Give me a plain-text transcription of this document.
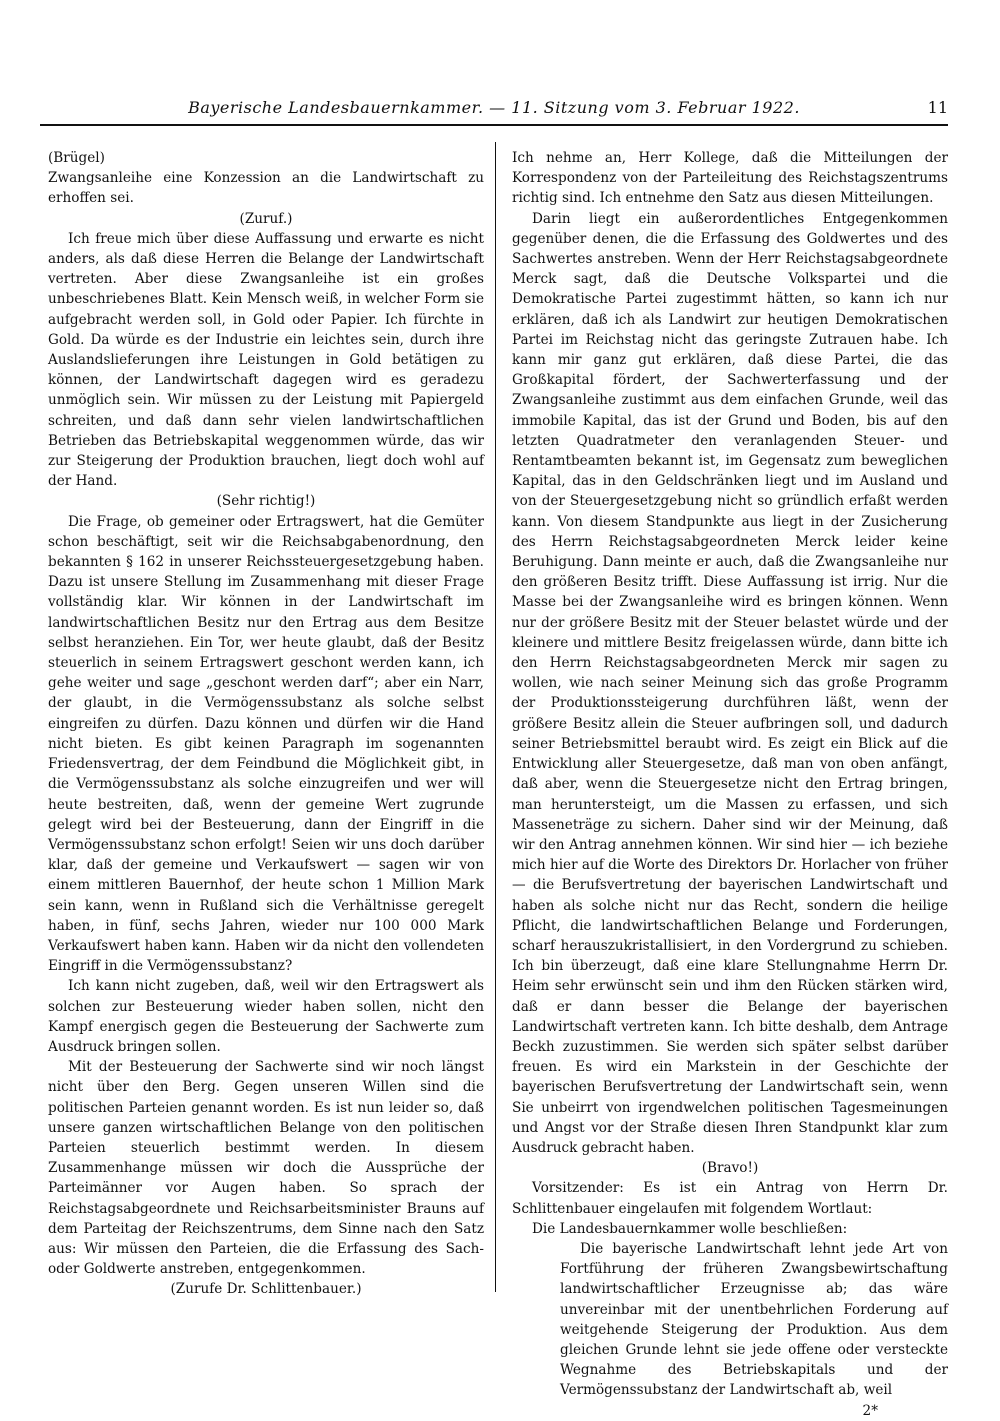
Bayerische Landesbauernkammer. — 11. Sitzung vom 3. Februar 1922.	11

(Brügel)

Zwangsanleihe eine Konzession an die Landwirtschaft zu erhoffen sei.

(Zuruf.)

Ich freue mich über diese Auffassung und erwarte es nicht anders, als daß diese Herren die Belange der Landwirtschaft vertreten. Aber diese Zwangsanleihe ist ein großes unbeschriebenes Blatt. Kein Mensch weiß, in welcher Form sie aufgebracht werden soll, in Gold oder Papier. Ich fürchte in Gold. Da würde es der Industrie ein leichtes sein, durch ihre Auslandslieferungen ihre Leistungen in Gold betätigen zu können, der Landwirtschaft dagegen wird es geradezu unmöglich sein. Wir müssen zu der Leistung mit Papiergeld schreiten, und daß dann sehr vielen landwirtschaftlichen Betrieben das Betriebskapital weggenommen würde, das wir zur Steigerung der Produktion brauchen, liegt doch wohl auf der Hand.

(Sehr richtig!)

Die Frage, ob gemeiner oder Ertragswert, hat die Gemüter schon beschäftigt, seit wir die Reichsabgabenordnung, den bekannten § 162 in unserer Reichssteuergesetzgebung haben. Dazu ist unsere Stellung im Zusammenhang mit dieser Frage vollständig klar. Wir können in der Landwirtschaft im landwirtschaftlichen Besitz nur den Ertrag aus dem Besitze selbst heranziehen. Ein Tor, wer heute glaubt, daß der Besitz steuerlich in seinem Ertragswert geschont werden kann, ich gehe weiter und sage „geschont werden darf“; aber ein Narr, der glaubt, in die Vermögenssubstanz als solche selbst eingreifen zu dürfen. Dazu können und dürfen wir die Hand nicht bieten. Es gibt keinen Paragraph im sogenannten Friedensvertrag, der dem Feindbund die Möglichkeit gibt, in die Vermögenssubstanz als solche einzugreifen und wer will heute bestreiten, daß, wenn der gemeine Wert zugrunde gelegt wird bei der Besteuerung, dann der Eingriff in die Vermögenssubstanz schon erfolgt! Seien wir uns doch darüber klar, daß der gemeine und Verkaufswert — sagen wir von einem mittleren Bauernhof, der heute schon 1 Million Mark sein kann, wenn in Rußland sich die Verhältnisse geregelt haben, in fünf, sechs Jahren, wieder nur 100 000 Mark Verkaufswert haben kann. Haben wir da nicht den vollendeten Eingriff in die Vermögenssubstanz?

Ich kann nicht zugeben, daß, weil wir den Ertragswert als solchen zur Besteuerung wieder haben sollen, nicht den Kampf energisch gegen die Besteuerung der Sachwerte zum Ausdruck bringen sollen.

Mit der Besteuerung der Sachwerte sind wir noch längst nicht über den Berg. Gegen unseren Willen sind die politischen Parteien genannt worden. Es ist nun leider so, daß unsere ganzen wirtschaftlichen Belange von den politischen Parteien steuerlich bestimmt werden. In diesem Zusammenhange müssen wir doch die Aussprüche der Parteimänner vor Augen haben. So sprach der Reichstagsabgeordnete und Reichsarbeitsminister Brauns auf dem Parteitag der Reichszentrums, dem Sinne nach den Satz aus: Wir müssen den Parteien, die die Erfassung des Sach- oder Goldwerte anstreben, entgegenkommen.

(Zurufe Dr. Schlittenbauer.)

Ich nehme an, Herr Kollege, daß die Mitteilungen der Korrespondenz von der Parteileitung des Reichstagszentrums richtig sind. Ich entnehme den Satz aus diesen Mitteilungen.

Darin liegt ein außerordentliches Entgegenkommen gegenüber denen, die die Erfassung des Goldwertes und des Sachwertes anstreben. Wenn der Herr Reichstagsabgeordnete Merck sagt, daß die Deutsche Volkspartei und die Demokratische Partei zugestimmt hätten, so kann ich nur erklären, daß ich als Landwirt zur heutigen Demokratischen Partei im Reichstag nicht das geringste Zutrauen habe. Ich kann mir ganz gut erklären, daß diese Partei, die das Großkapital fördert, der Sachwerterfassung und der Zwangsanleihe zustimmt aus dem einfachen Grunde, weil das immobile Kapital, das ist der Grund und Boden, bis auf den letzten Quadratmeter den veranlagenden Steuer- und Rentamtbeamten bekannt ist, im Gegensatz zum beweglichen Kapital, das in den Geldschränken liegt und im Ausland und von der Steuergesetzgebung nicht so gründlich erfaßt werden kann. Von diesem Standpunkte aus liegt in der Zusicherung des Herrn Reichstagsabgeordneten Merck leider keine Beruhigung. Dann meinte er auch, daß die Zwangsanleihe nur den größeren Besitz trifft. Diese Auffassung ist irrig. Nur die Masse bei der Zwangsanleihe wird es bringen können. Wenn nur der größere Besitz mit der Steuer belastet würde und der kleinere und mittlere Besitz freigelassen würde, dann bitte ich den Herrn Reichstagsabgeordneten Merck mir sagen zu wollen, wie nach seiner Meinung sich das große Programm der Produktionssteigerung durchführen läßt, wenn der größere Besitz allein die Steuer aufbringen soll, und dadurch seiner Betriebsmittel beraubt wird. Es zeigt ein Blick auf die Entwicklung aller Steuergesetze, daß man von oben anfängt, daß aber, wenn die Steuergesetze nicht den Ertrag bringen, man heruntersteigt, um die Massen zu erfassen, und sich Masseneträge zu sichern. Daher sind wir der Meinung, daß wir den Antrag annehmen können. Wir sind hier — ich beziehe mich hier auf die Worte des Direktors Dr. Horlacher von früher — die Berufsvertretung der bayerischen Landwirtschaft und haben als solche nicht nur das Recht, sondern die heilige Pflicht, die landwirtschaftlichen Belange und Forderungen, scharf herauszukristallisiert, in den Vordergrund zu schieben. Ich bin überzeugt, daß eine klare Stellungnahme Herrn Dr. Heim sehr erwünscht sein und ihm den Rücken stärken wird, daß er dann besser die Belange der bayerischen Landwirtschaft vertreten kann. Ich bitte deshalb, dem Antrage Beckh zuzustimmen. Sie werden sich später selbst darüber freuen. Es wird ein Markstein in der Geschichte der bayerischen Berufsvertretung der Landwirtschaft sein, wenn Sie unbeirrt von irgendwelchen politischen Tagesmeinungen und Angst vor der Straße diesen Ihren Standpunkt klar zum Ausdruck gebracht haben.

(Bravo!)

Vorsitzender: Es ist ein Antrag von Herrn Dr. Schlittenbauer eingelaufen mit folgendem Wortlaut:

Die Landesbauernkammer wolle beschließen:

Die bayerische Landwirtschaft lehnt jede Art von Fortführung der früheren Zwangsbewirtschaftung landwirtschaftlicher Erzeugnisse ab; das wäre unvereinbar mit der unentbehrlichen Forderung auf weitgehende Steigerung der Produktion. Aus dem gleichen Grunde lehnt sie jede offene oder versteckte Wegnahme des Betriebskapitals und der Vermögenssubstanz der Landwirtschaft ab, weil

2*
